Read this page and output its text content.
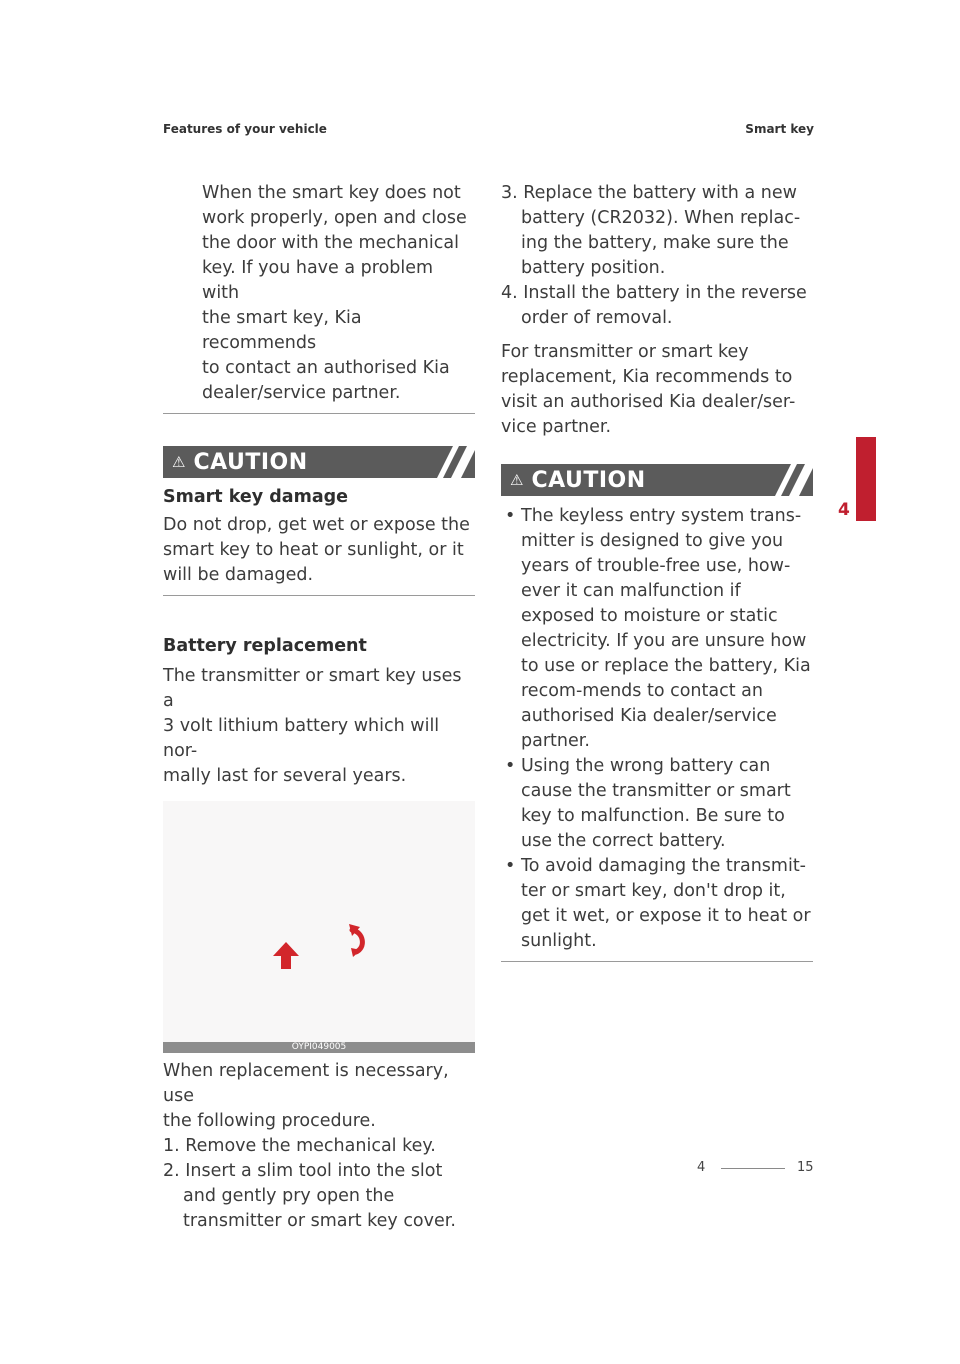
Features of your vehicle	Smart key

When the smart key does not

work properly, open and close

the door with the mechanical

key. If you have a problem with

the smart key, Kia recommends

to contact an authorised Kia

dealer/service partner.

⚠ CAUTION
Smart key damage

Do not drop, get wet or expose the

smart key to heat or sunlight, or it

will be damaged.

Battery replacement

The transmitter or smart key uses a

3 volt lithium battery which will nor-

mally last for several years.

OYPI049005

When replacement is necessary, use

the following procedure.

1. Remove the mechanical key.
2. Insert a slim tool into the slot and gently pry open the transmitter or smart key cover.
3. Replace the battery with a new battery (CR2032). When replac-ing the battery, make sure the battery position.
4. Install the battery in the reverse order of removal.

For transmitter or smart key

replacement, Kia recommends to

visit an authorised Kia dealer/ser-

vice partner.

⚠ CAUTION
• The keyless entry system trans-mitter is designed to give you years of trouble-free use, how-ever it can malfunction if exposed to moisture or static electricity. If you are unsure how to use or replace the battery, Kia recom-mends to contact an authorised Kia dealer/service partner.
• Using the wrong battery can cause the transmitter or smart key to malfunction. Be sure to use the correct battery.
• To avoid damaging the transmit-ter or smart key, don't drop it, get it wet, or expose it to heat or sunlight.
4
4	15
